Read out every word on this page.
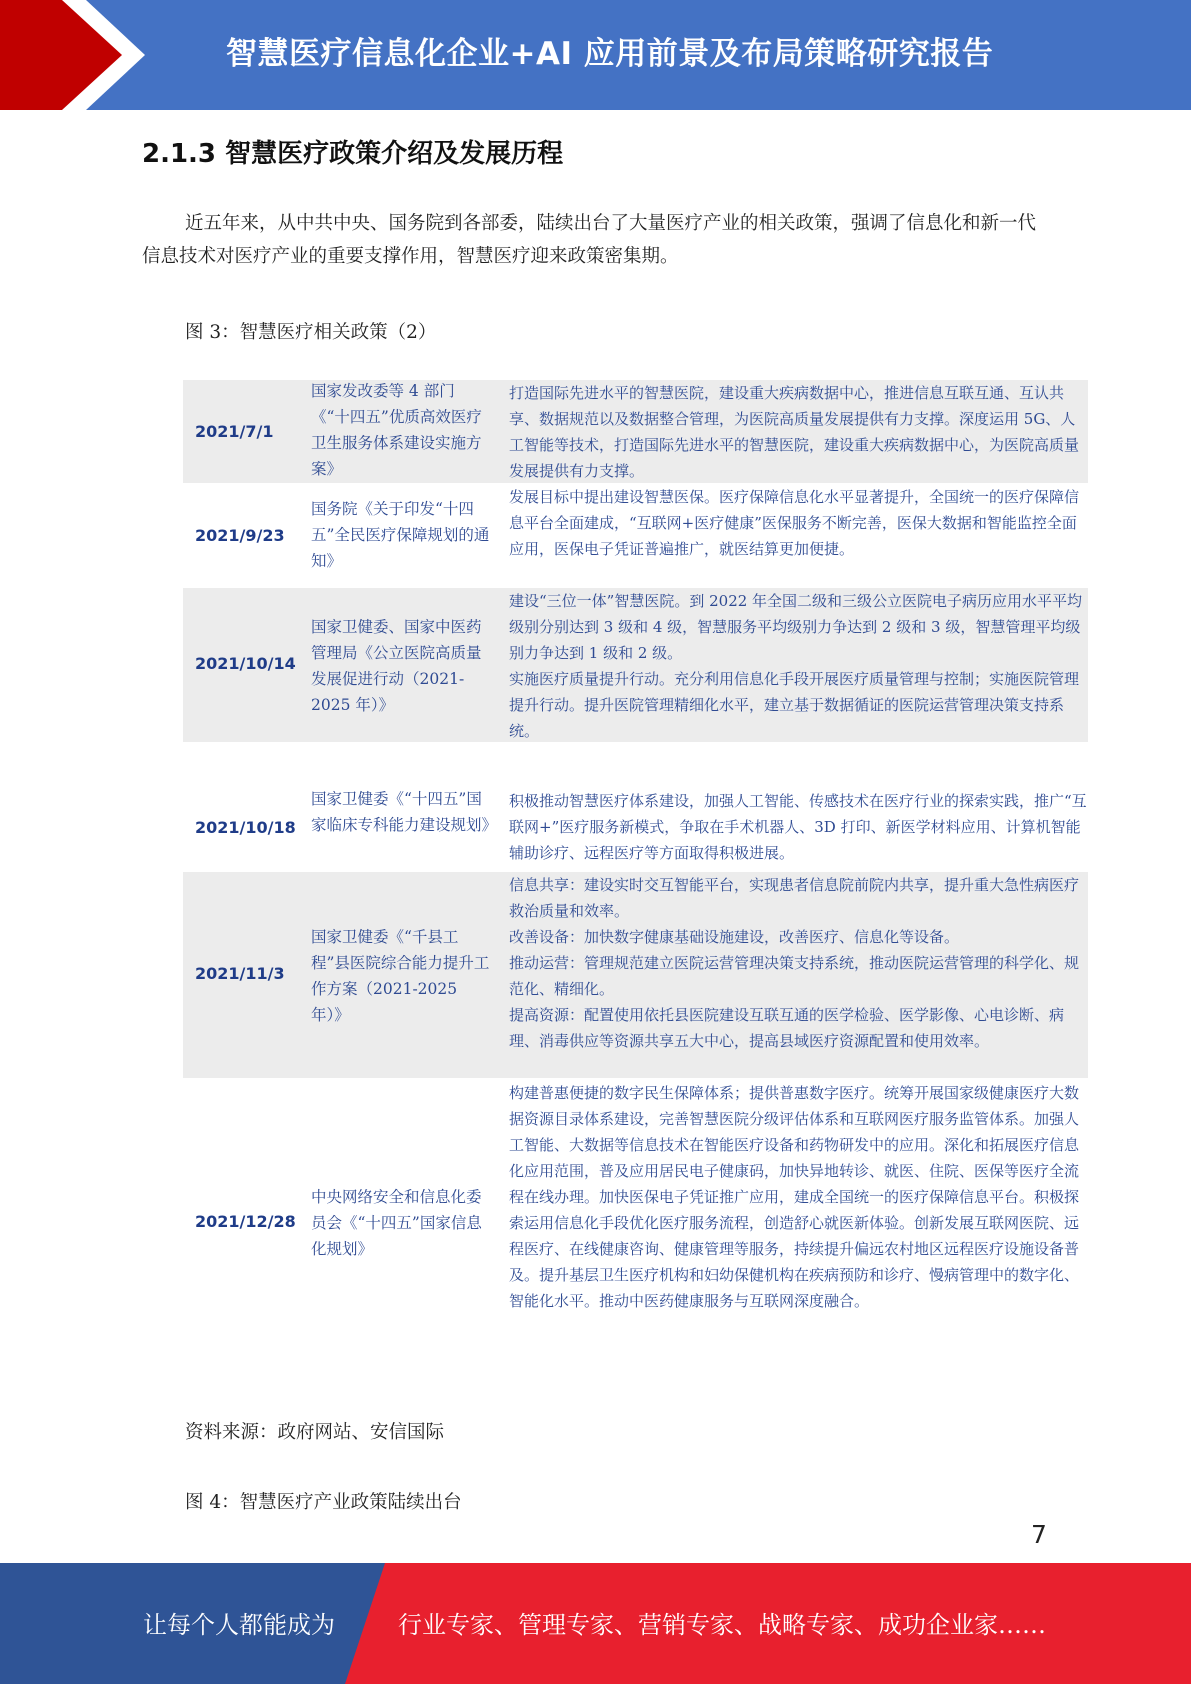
智慧医疗信息化企业+AI 应用前景及布局策略研究报告
2.1.3 智慧医疗政策介绍及发展历程
近五年来，从中共中央、国务院到各部委，陆续出台了大量医疗产业的相关政策，强调了信息化和新一代信息技术对医疗产业的重要支撑作用，智慧医疗迎来政策密集期。
图 3：智慧医疗相关政策（2）
2021/7/1
国家发改委等 4 部门《“十四五”优质高效医疗卫生服务体系建设实施方案》
打造国际先进水平的智慧医院，建设重大疾病数据中心，推进信息互联互通、互认共享、数据规范以及数据整合管理，为医院高质量发展提供有力支撑。深度运用 5G、人工智能等技术，打造国际先进水平的智慧医院，建设重大疾病数据中心，为医院高质量发展提供有力支撑。
2021/9/23
国务院《关于印发“十四五”全民医疗保障规划的通知》
发展目标中提出建设智慧医保。医疗保障信息化水平显著提升，全国统一的医疗保障信息平台全面建成，“互联网+医疗健康”医保服务不断完善，医保大数据和智能监控全面应用，医保电子凭证普遍推广，就医结算更加便捷。
2021/10/14
国家卫健委、国家中医药管理局《公立医院高质量发展促进行动（2021-2025 年）》
建设“三位一体”智慧医院。到 2022 年全国二级和三级公立医院电子病历应用水平平均级别分别达到 3 级和 4 级，智慧服务平均级别力争达到 2 级和 3 级，智慧管理平均级别力争达到 1 级和 2 级。
实施医疗质量提升行动。充分利用信息化手段开展医疗质量管理与控制；实施医院管理提升行动。提升医院管理精细化水平，建立基于数据循证的医院运营管理决策支持系统。
2021/10/18
国家卫健委《“十四五”国家临床专科能力建设规划》
积极推动智慧医疗体系建设，加强人工智能、传感技术在医疗行业的探索实践，推广“互联网+”医疗服务新模式，争取在手术机器人、3D 打印、新医学材料应用、计算机智能辅助诊疗、远程医疗等方面取得积极进展。
2021/11/3
国家卫健委《“千县工程”县医院综合能力提升工作方案（2021-2025 年）》
信息共享：建设实时交互智能平台，实现患者信息院前院内共享，提升重大急性病医疗救治质量和效率。
改善设备：加快数字健康基础设施建设，改善医疗、信息化等设备。
推动运营：管理规范建立医院运营管理决策支持系统，推动医院运营管理的科学化、规范化、精细化。
提高资源：配置使用依托县医院建设互联互通的医学检验、医学影像、心电诊断、病理、消毒供应等资源共享五大中心，提高县域医疗资源配置和使用效率。
2021/12/28
中央网络安全和信息化委员会《“十四五”国家信息化规划》
构建普惠便捷的数字民生保障体系；提供普惠数字医疗。统筹开展国家级健康医疗大数据资源目录体系建设，完善智慧医院分级评估体系和互联网医疗服务监管体系。加强人工智能、大数据等信息技术在智能医疗设备和药物研发中的应用。深化和拓展医疗信息化应用范围，普及应用居民电子健康码，加快异地转诊、就医、住院、医保等医疗全流程在线办理。加快医保电子凭证推广应用，建成全国统一的医疗保障信息平台。积极探索运用信息化手段优化医疗服务流程，创造舒心就医新体验。创新发展互联网医院、远程医疗、在线健康咨询、健康管理等服务，持续提升偏远农村地区远程医疗设施设备普及。提升基层卫生医疗机构和妇幼保健机构在疾病预防和诊疗、慢病管理中的数字化、智能化水平。推动中医药健康服务与互联网深度融合。
资料来源：政府网站、安信国际
图 4：智慧医疗产业政策陆续出台
7
让每个人都能成为	行业专家、管理专家、营销专家、战略专家、成功企业家……
